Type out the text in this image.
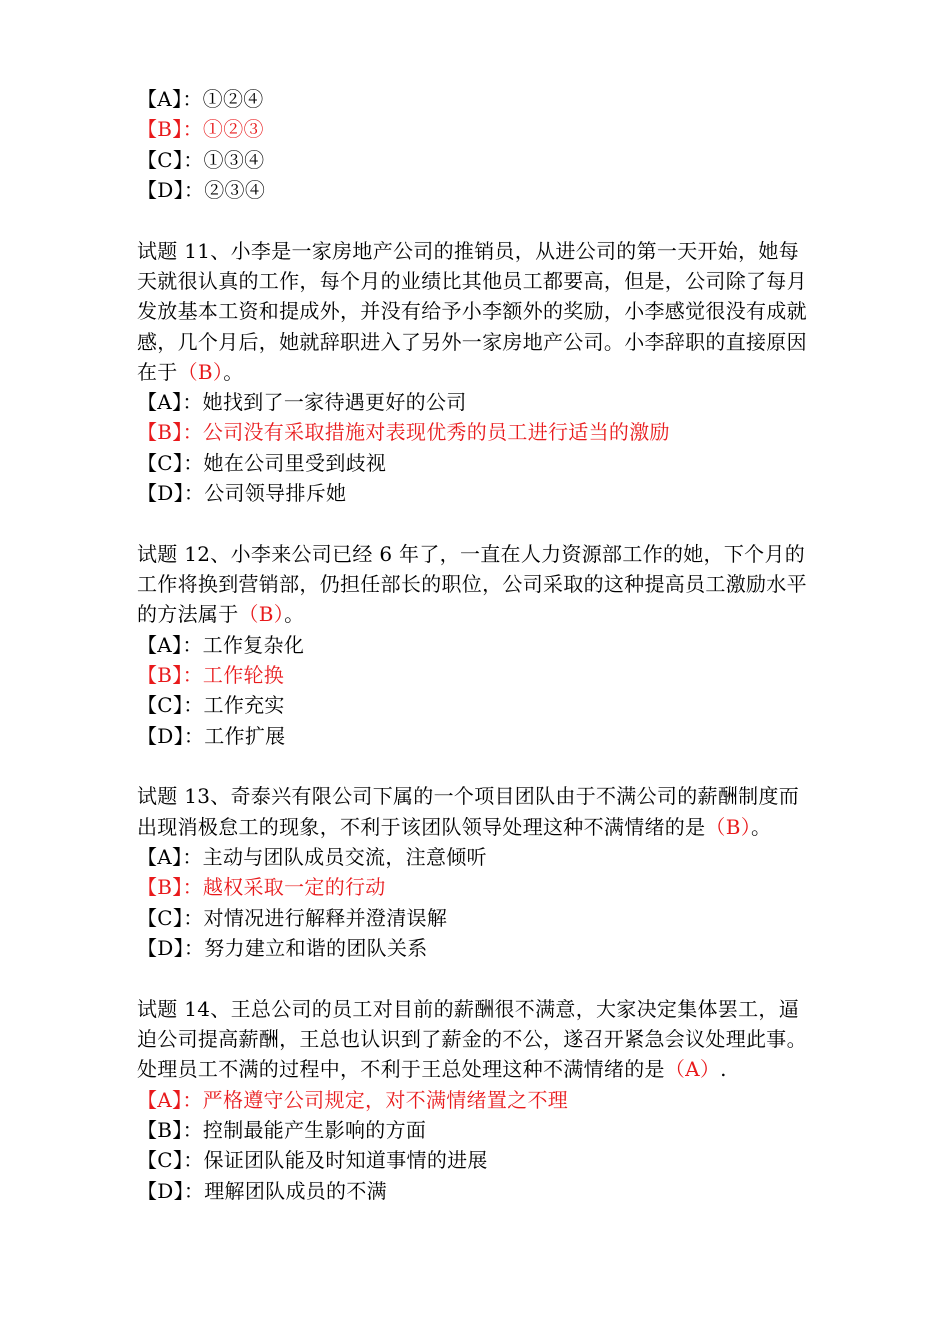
【A】：①②④
【B】：①②③
【C】：①③④
【D】：②③④
试题 11、小李是一家房地产公司的推销员，从进公司的第一天开始，她每
天就很认真的工作，每个月的业绩比其他员工都要高，但是，公司除了每月
发放基本工资和提成外，并没有给予小李额外的奖励，小李感觉很没有成就
感，几个月后，她就辞职进入了另外一家房地产公司。小李辞职的直接原因
在于（B）。
【A】：她找到了一家待遇更好的公司
【B】：公司没有采取措施对表现优秀的员工进行适当的激励
【C】：她在公司里受到歧视
【D】：公司领导排斥她
试题 12、小李来公司已经 6 年了，一直在人力资源部工作的她，下个月的
工作将换到营销部，仍担任部长的职位，公司采取的这种提高员工激励水平
的方法属于（B）。
【A】：工作复杂化
【B】：工作轮换
【C】：工作充实
【D】：工作扩展
试题 13、奇泰兴有限公司下属的一个项目团队由于不满公司的薪酬制度而
出现消极怠工的现象，不利于该团队领导处理这种不满情绪的是（B）。
【A】：主动与团队成员交流，注意倾听
【B】：越权采取一定的行动
【C】：对情况进行解释并澄清误解
【D】：努力建立和谐的团队关系
试题 14、王总公司的员工对目前的薪酬很不满意，大家决定集体罢工，逼
迫公司提高薪酬，王总也认识到了薪金的不公，遂召开紧急会议处理此事。
处理员工不满的过程中，不利于王总处理这种不满情绪的是（A）.
【A】：严格遵守公司规定，对不满情绪置之不理
【B】：控制最能产生影响的方面
【C】：保证团队能及时知道事情的进展
【D】：理解团队成员的不满
